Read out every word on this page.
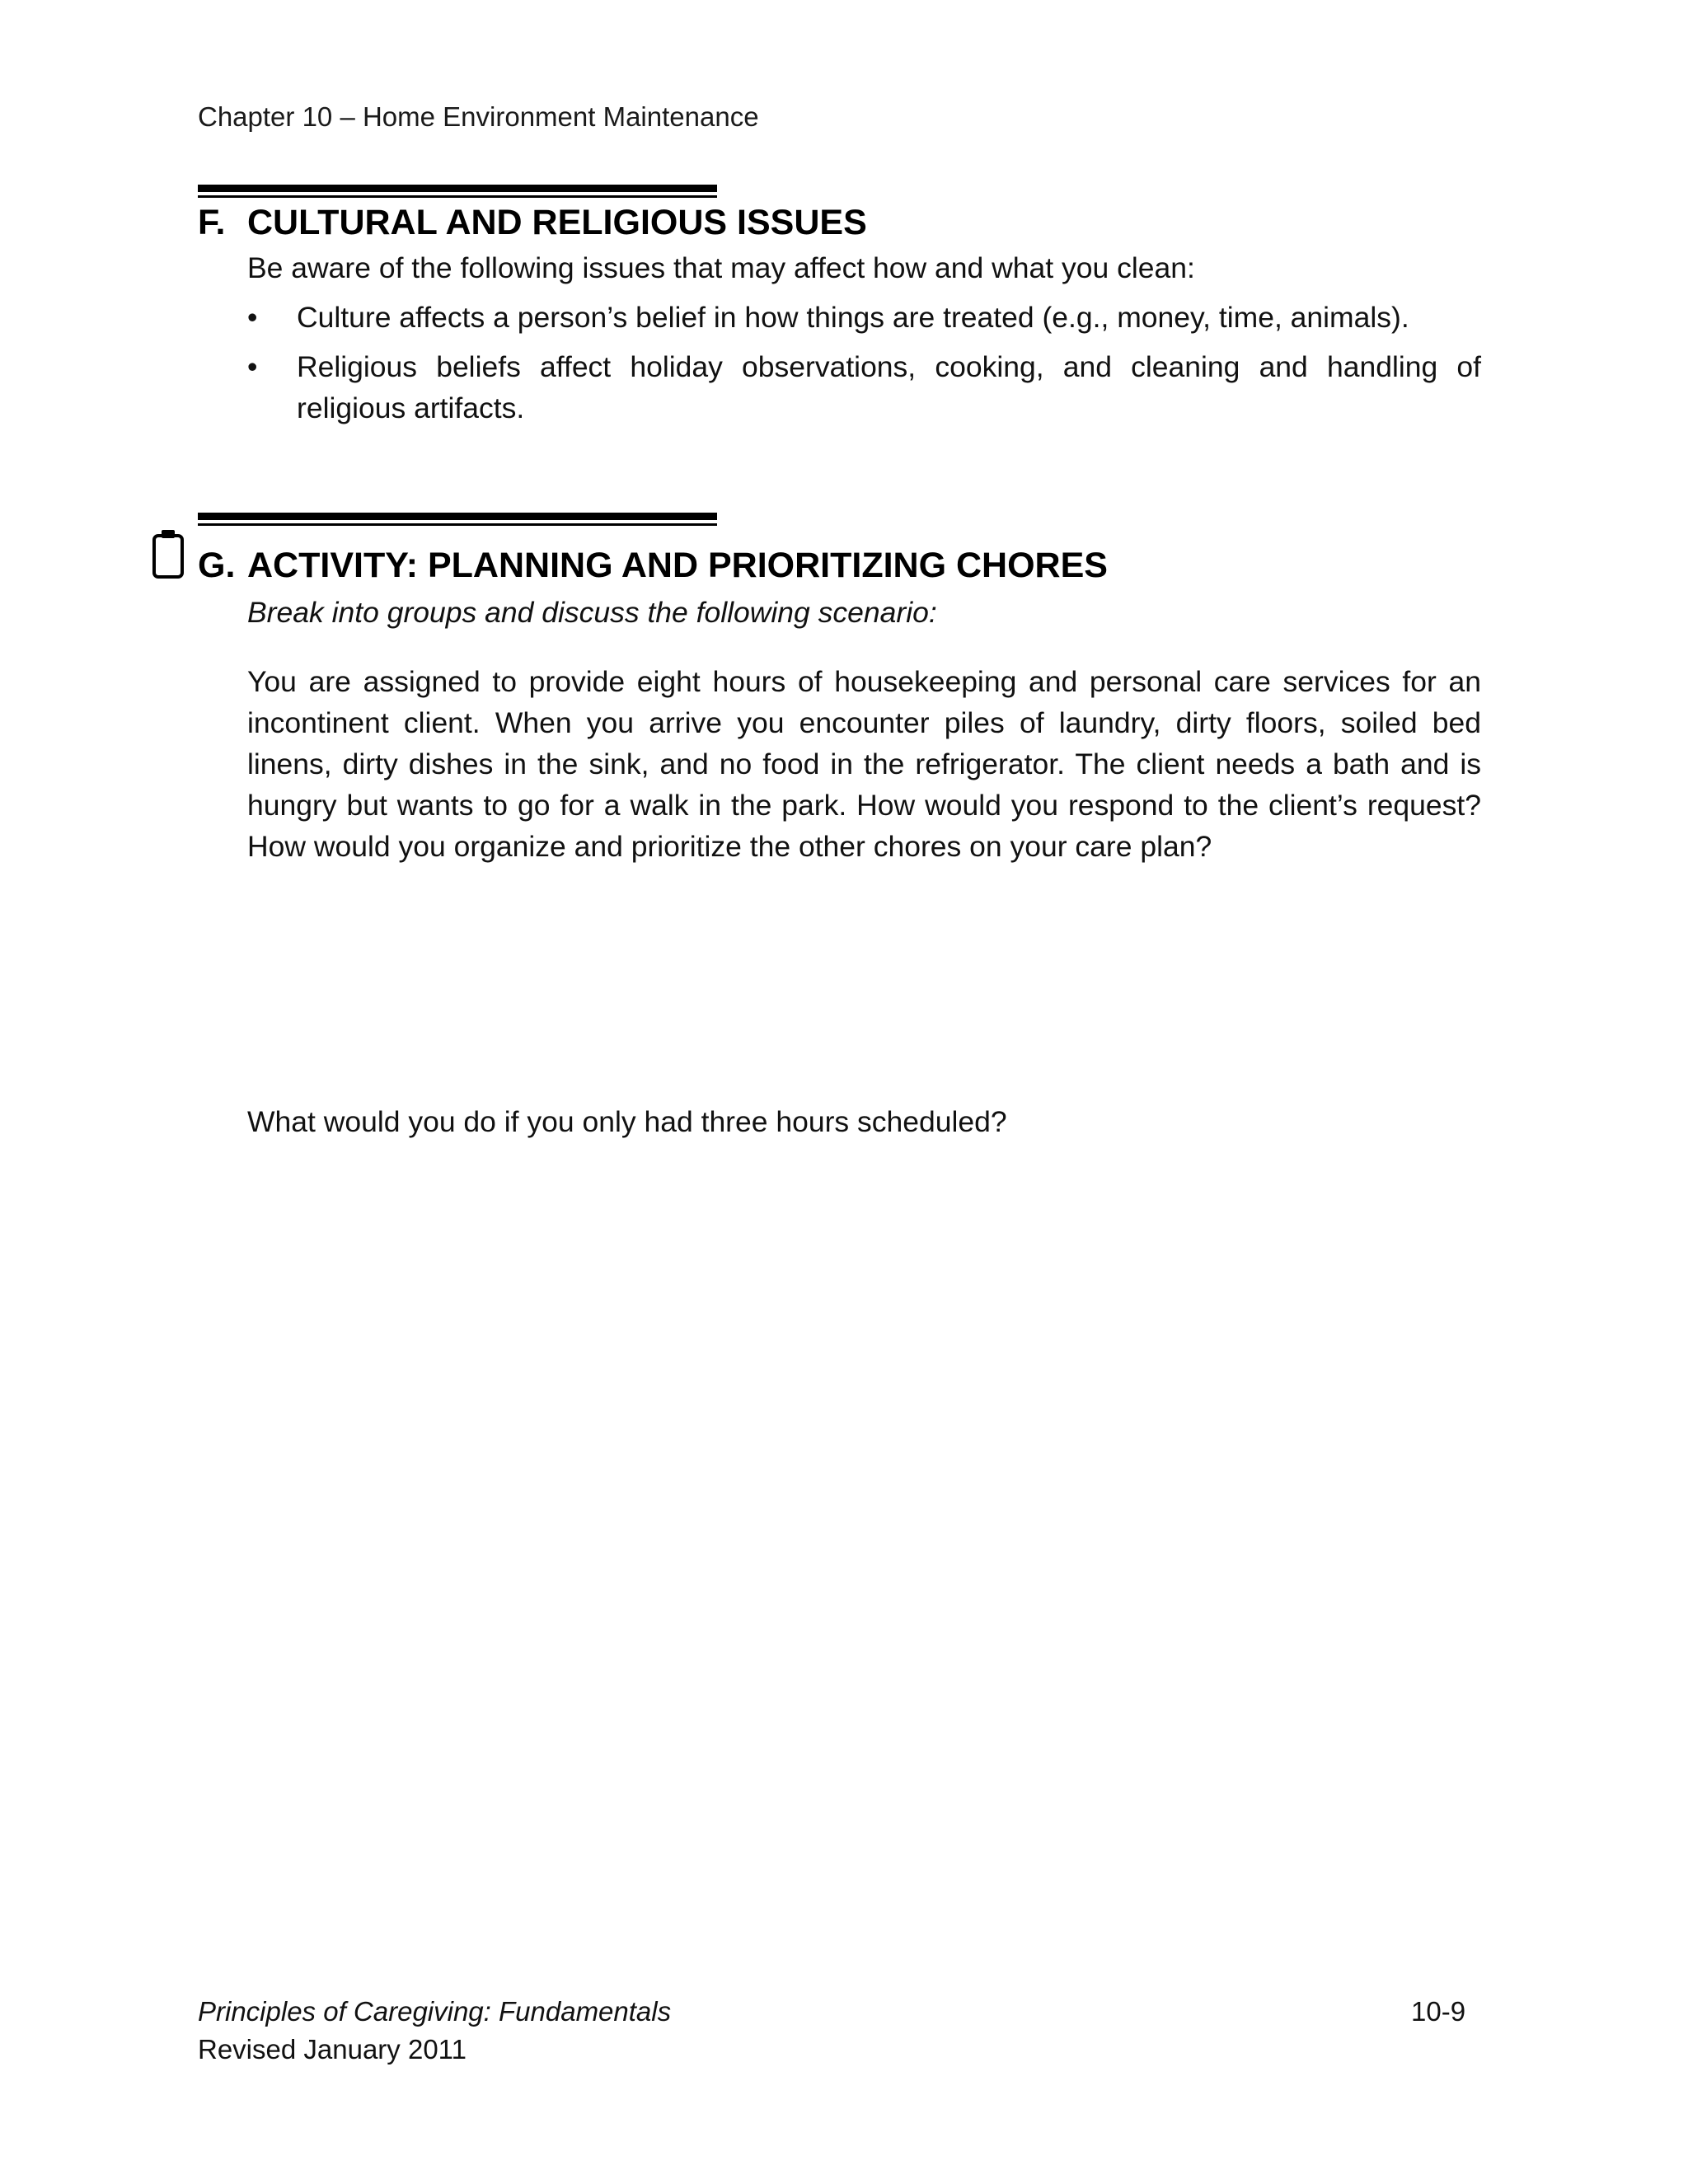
Chapter 10 – Home Environment Maintenance
F. CULTURAL AND RELIGIOUS ISSUES
Be aware of the following issues that may affect how and what you clean:
• Culture affects a person’s belief in how things are treated (e.g., money, time, animals).
• Religious beliefs affect holiday observations, cooking, and cleaning and handling of religious artifacts.
G. ACTIVITY: PLANNING AND PRIORITIZING CHORES
Break into groups and discuss the following scenario:
You are assigned to provide eight hours of housekeeping and personal care services for an incontinent client. When you arrive you encounter piles of laundry, dirty floors, soiled bed linens, dirty dishes in the sink, and no food in the refrigerator. The client needs a bath and is hungry but wants to go for a walk in the park. How would you respond to the client’s request? How would you organize and prioritize the other chores on your care plan?
What would you do if you only had three hours scheduled?
Principles of Caregiving: Fundamentals
Revised January 2011
10-9
